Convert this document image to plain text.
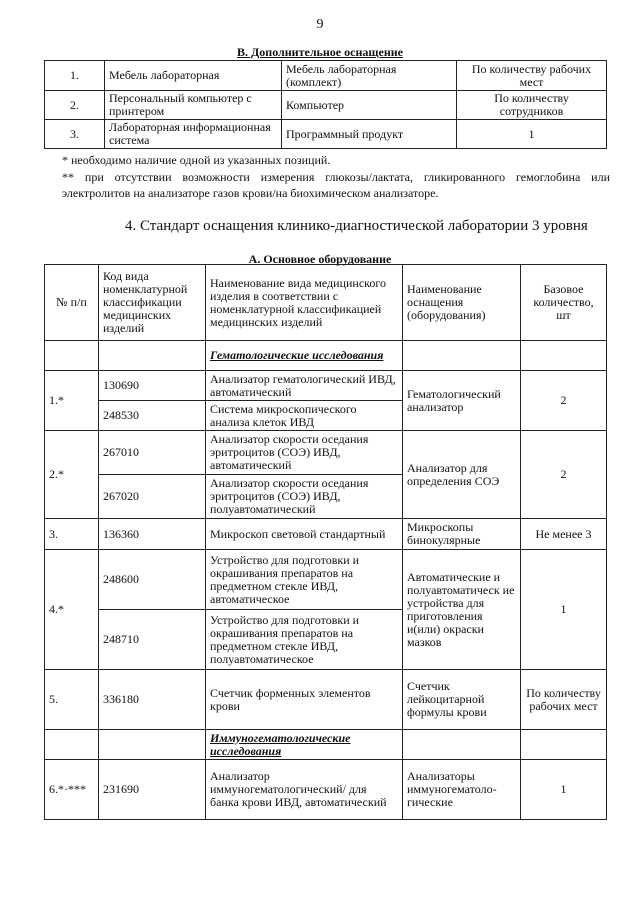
9
В. Дополнительное оснащение
1.	Мебель лабораторная	Мебель лабораторная (комплект)	По количеству рабочих мест
2.	Персональный компьютер с принтером	Компьютер	По количеству сотрудников
3.	Лабораторная информационная система	Программный продукт	1
* необходимо наличие одной из указанных позиций.
** при отсутствии возможности измерения глюкозы/лактата, гликированного гемоглобина или электролитов на анализаторе газов крови/на биохимическом анализаторе.
4. Стандарт оснащения клинико-диагностической лаборатории 3 уровня
А. Основное оборудование
№ п/п	Код вида номенклатурной классификации медицинских изделий	Наименование вида медицинского изделия в соответствии с номенклатурной классификацией медицинских изделий	Наименование оснащения (оборудования)	Базовое количество, шт
		Гематологические исследования		
1.*	130690	Анализатор гематологический ИВД, автоматический	Гематологический анализатор	2
	248530	Система микроскопического анализа клеток ИВД		
2.*	267010	Анализатор скорости оседания эритроцитов (СОЭ) ИВД, автоматический	Анализатор для определения СОЭ	2
	267020	Анализатор скорости оседания эритроцитов (СОЭ) ИВД, полуавтоматический		
3.	136360	Микроскоп световой стандартный	Микроскопы бинокулярные	Не менее 3
4.*	248600	Устройство для подготовки и окрашивания препаратов на предметном стекле ИВД, автоматическое	Автоматические и полуавтоматическ ие устройства для приготовления и(или) окраски мазков	1
	248710	Устройство для подготовки и окрашивания препаратов на предметном стекле ИВД, полуавтоматическое		
5.	336180	Счетчик форменных элементов крови	Счетчик лейкоцитарной формулы крови	По количеству рабочих мест
		Иммуногематологические исследования		
6.*·***	231690	Анализатор иммуногематологический/ для банка крови ИВД, автоматический	Анализаторы иммуногематоло-гические	1
